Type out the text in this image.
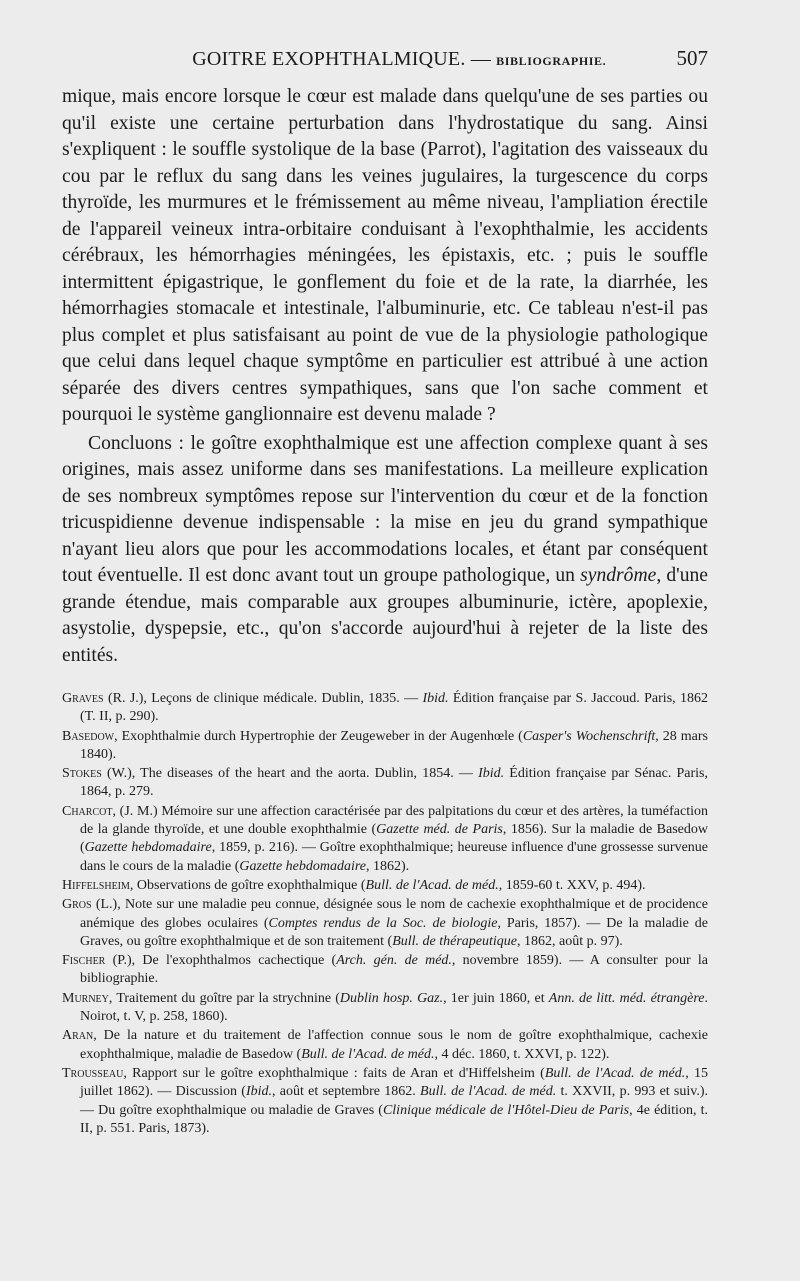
GOITRE EXOPHTHALMIQUE. — BIBLIOGRAPHIE.	507

mique, mais encore lorsque le cœur est malade dans quelqu'une de ses parties ou qu'il existe une certaine perturbation dans l'hydrostatique du sang. Ainsi s'expliquent : le souffle systolique de la base (Parrot), l'agitation des vaisseaux du cou par le reflux du sang dans les veines jugulaires, la turgescence du corps thyroïde, les murmures et le frémissement au même niveau, l'ampliation érectile de l'appareil veineux intra-orbitaire conduisant à l'exophthalmie, les accidents cérébraux, les hémorrhagies méningées, les épistaxis, etc. ; puis le souffle intermittent épigastrique, le gonflement du foie et de la rate, la diarrhée, les hémorrhagies stomacale et intestinale, l'albuminurie, etc. Ce tableau n'est-il pas plus complet et plus satisfaisant au point de vue de la physiologie pathologique que celui dans lequel chaque symptôme en particulier est attribué à une action séparée des divers centres sympathiques, sans que l'on sache comment et pourquoi le système ganglionnaire est devenu malade ?

Concluons : le goître exophthalmique est une affection complexe quant à ses origines, mais assez uniforme dans ses manifestations. La meilleure explication de ses nombreux symptômes repose sur l'intervention du cœur et de la fonction tricuspidienne devenue indispensable : la mise en jeu du grand sympathique n'ayant lieu alors que pour les accommodations locales, et étant par conséquent tout éventuelle. Il est donc avant tout un groupe pathologique, un syndrôme, d'une grande étendue, mais comparable aux groupes albuminurie, ictère, apoplexie, asystolie, dyspepsie, etc., qu'on s'accorde aujourd'hui à rejeter de la liste des entités.

Graves (R. J.), Leçons de clinique médicale. Dublin, 1835. — Ibid. Édition française par S. Jaccoud. Paris, 1862 (T. II, p. 290).

Basedow, Exophthalmie durch Hypertrophie der Zeugeweber in der Augenhœle (Casper's Wochenschrift, 28 mars 1840).

Stokes (W.), The diseases of the heart and the aorta. Dublin, 1854. — Ibid. Édition française par Sénac. Paris, 1864, p. 279.

Charcot, (J. M.) Mémoire sur une affection caractérisée par des palpitations du cœur et des artères, la tuméfaction de la glande thyroïde, et une double exophthalmie (Gazette méd. de Paris, 1856). Sur la maladie de Basedow (Gazette hebdomadaire, 1859, p. 216). — Goître exophthalmique; heureuse influence d'une grossesse survenue dans le cours de la maladie (Gazette hebdomadaire, 1862).

Hiffelsheim, Observations de goître exophthalmique (Bull. de l'Acad. de méd., 1859-60 t. XXV, p. 494).

Gros (L.), Note sur une maladie peu connue, désignée sous le nom de cachexie exophthalmique et de procidence anémique des globes oculaires (Comptes rendus de la Soc. de biologie, Paris, 1857). — De la maladie de Graves, ou goître exophthalmique et de son traitement (Bull. de thérapeutique, 1862, août p. 97).

Fischer (P.), De l'exophthalmos cachectique (Arch. gén. de méd., novembre 1859). — A consulter pour la bibliographie.

Murney, Traitement du goître par la strychnine (Dublin hosp. Gaz., 1er juin 1860, et Ann. de litt. méd. étrangère. Noirot, t. V, p. 258, 1860).

Aran, De la nature et du traitement de l'affection connue sous le nom de goître exophthalmique, cachexie exophthalmique, maladie de Basedow (Bull. de l'Acad. de méd., 4 déc. 1860, t. XXVI, p. 122).

Trousseau, Rapport sur le goître exophthalmique : faits de Aran et d'Hiffelsheim (Bull. de l'Acad. de méd., 15 juillet 1862). — Discussion (Ibid., août et septembre 1862. Bull. de l'Acad. de méd. t. XXVII, p. 993 et suiv.). — Du goître exophthalmique ou maladie de Graves (Clinique médicale de l'Hôtel-Dieu de Paris, 4e édition, t. II, p. 551. Paris, 1873).
